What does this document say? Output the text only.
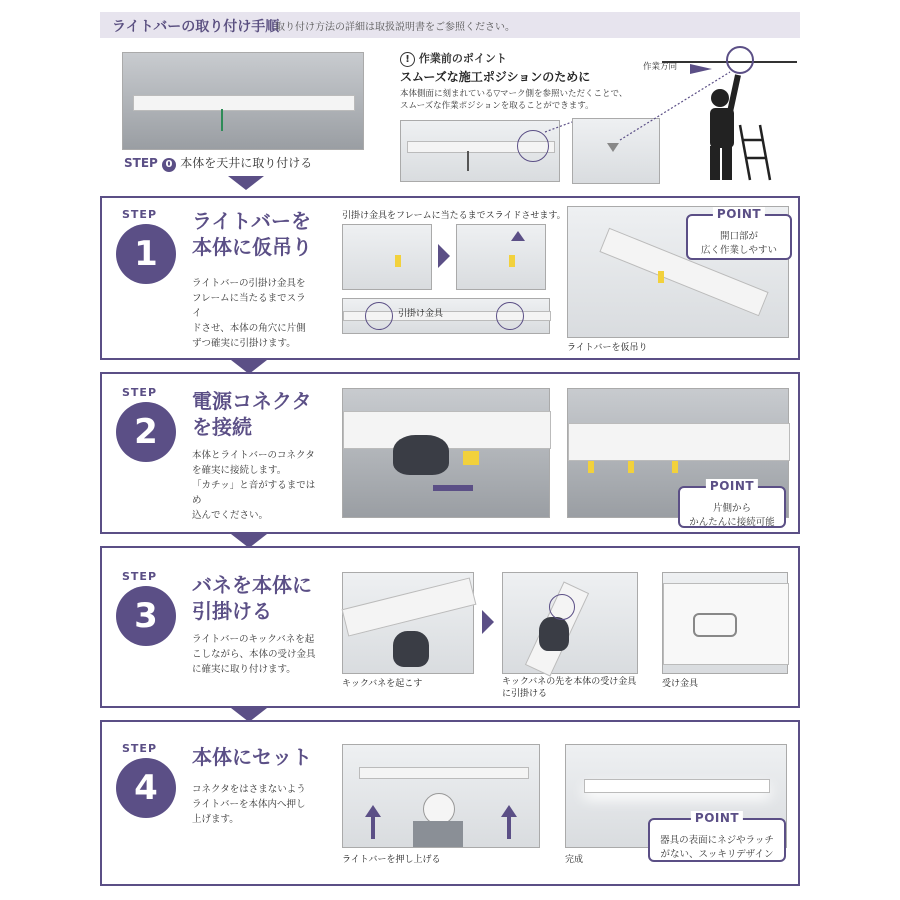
ライトバーの取り付け手順
取り付け方法の詳細は取扱説明書をご参照ください。
STEP 0 本体を天井に取り付ける
! 作業前のポイント
スムーズな施工ポジションのために
本体側面に刻まれている▽マーク側を参照いただくことで、
スムーズな作業ポジションを取ることができます。
作業方向
STEP
1
ライトバーを
本体に仮吊り
ライトバーの引掛け金具を
フレームに当たるまでスライ
ドさせ、本体の角穴に片側
ずつ確実に引掛けます。
引掛け金具をフレームに当たるまでスライドさせます。
引掛け金具
ライトバーを仮吊り
POINT
開口部が
広く作業しやすい
STEP
2
電源コネクタ
を接続
本体とライトバーのコネクタ
を確実に接続します。
「カチッ」と音がするまではめ
込んでください。
POINT
片側から
かんたんに接続可能
STEP
3
バネを本体に
引掛ける
ライトバーのキックバネを起
こしながら、本体の受け金具
に確実に取り付けます。
キックバネを起こす	キックバネの先を本体の受け金具
に引掛ける
受け金具
STEP
4
本体にセット
コネクタをはさまないよう
ライトバーを本体内へ押し
上げます。
ライトバーを押し上げる	完成
POINT
器具の表面にネジやラッチ
がない、スッキリデザイン
